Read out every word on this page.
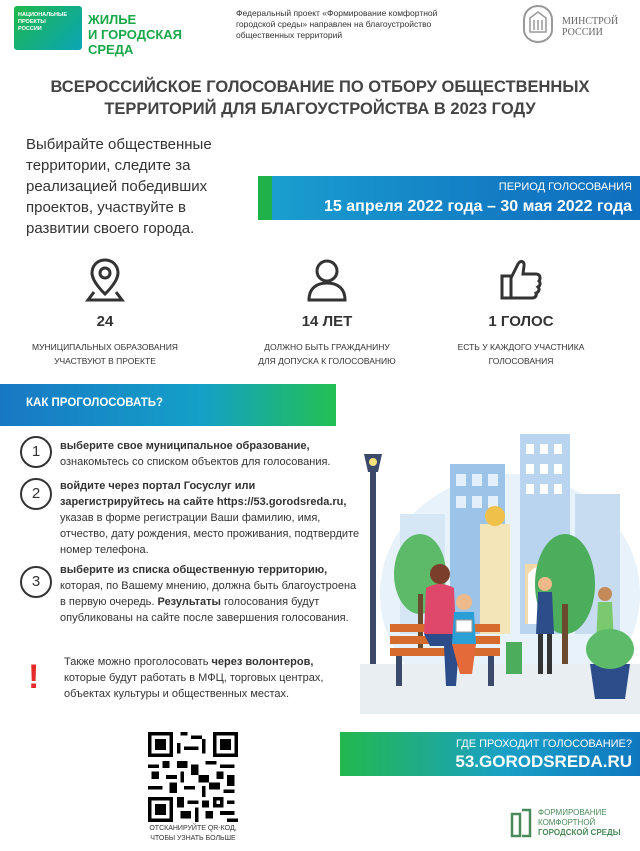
НАЦИОНАЛЬНЫЕ ПРОЕКТЫ РОССИИ
ЖИЛЬЕ
И ГОРОДСКАЯ СРЕДА
Федеральный проект «Формирование комфортной городской среды» направлен на благоустройство общественных территорий
МИНСТРОЙ
РОССИИ
ВСЕРОССИЙСКОЕ ГОЛОСОВАНИЕ ПО ОТБОРУ ОБЩЕСТВЕННЫХ
ТЕРРИТОРИЙ ДЛЯ БЛАГОУСТРОЙСТВА В 2023 ГОДУ
Выбирайте общественные территории, следите за реализацией победивших проектов, участвуйте в развитии своего города.
ПЕРИОД ГОЛОСОВАНИЯ
15 апреля 2022 года – 30 мая 2022 года
24
МУНИЦИПАЛЬНЫХ ОБРАЗОВАНИЯ
УЧАСТВУЮТ В ПРОЕКТЕ
14 ЛЕТ
ДОЛЖНО БЫТЬ ГРАЖДАНИНУ
ДЛЯ ДОПУСКА К ГОЛОСОВАНИЮ
1 ГОЛОС
ЕСТЬ У КАЖДОГО УЧАСТНИКА
ГОЛОСОВАНИЯ
КАК ПРОГОЛОСОВАТЬ?
1	выберите свое муниципальное образование, ознакомьтесь со списком объектов для голосования.
2	войдите через портал Госуслуг или зарегистрируйтесь на сайте https://53.gorodsreda.ru, указав в форме регистрации Ваши фамилию, имя, отчество, дату рождения, место проживания, подтвердите номер телефона.
3
выберите из списка общественную территорию, которая, по Вашему мнению, должна быть благоустроена в первую очередь. Результаты голосования будут опубликованы на сайте после завершения голосования.
! Также можно проголосовать через волонтеров, которые будут работать в МФЦ, торговых центрах, объектах культуры и общественных местах.
ОТСКАНИРУЙТЕ QR-КОД,
ЧТОБЫ УЗНАТЬ БОЛЬШЕ
ГДЕ ПРОХОДИТ ГОЛОСОВАНИЕ?
53.GORODSREDA.RU
ФОРМИРОВАНИЕ
КОМФОРТНОЙ
ГОРОДСКОЙ СРЕДЫ
